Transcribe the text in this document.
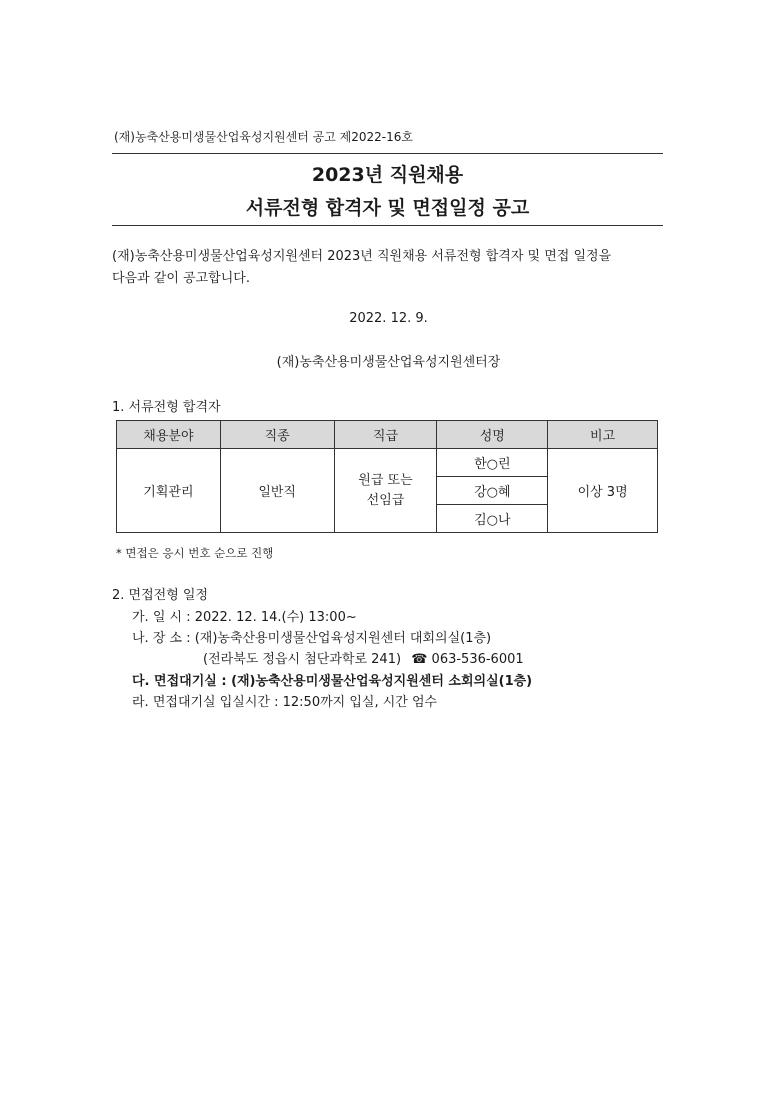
(재)농축산용미생물산업육성지원센터 공고 제2022-16호
2023년 직원채용
서류전형 합격자 및 면접일정 공고
(재)농축산용미생물산업육성지원센터 2023년 직원채용 서류전형 합격자 및 면접 일정을
다음과 같이 공고합니다.
2022. 12. 9.
(재)농축산용미생물산업육성지원센터장
1. 서류전형 합격자
채용분야	직종	직급	성명	비고
기획관리	일반직	원급 또는 선임급	한○린	이상 3명
			강○혜	
			김○나	
* 면접은 응시 번호 순으로 진행
2. 면접전형 일정
가. 일 시 : 2022. 12. 14.(수) 13:00~
나. 장 소 : (재)농축산용미생물산업육성지원센터 대회의실(1층)
(전라북도 정읍시 첨단과학로 241) ☎ 063-536-6001
다. 면접대기실 : (재)농축산용미생물산업육성지원센터 소회의실(1층)
라. 면접대기실 입실시간 : 12:50까지 입실, 시간 엄수
